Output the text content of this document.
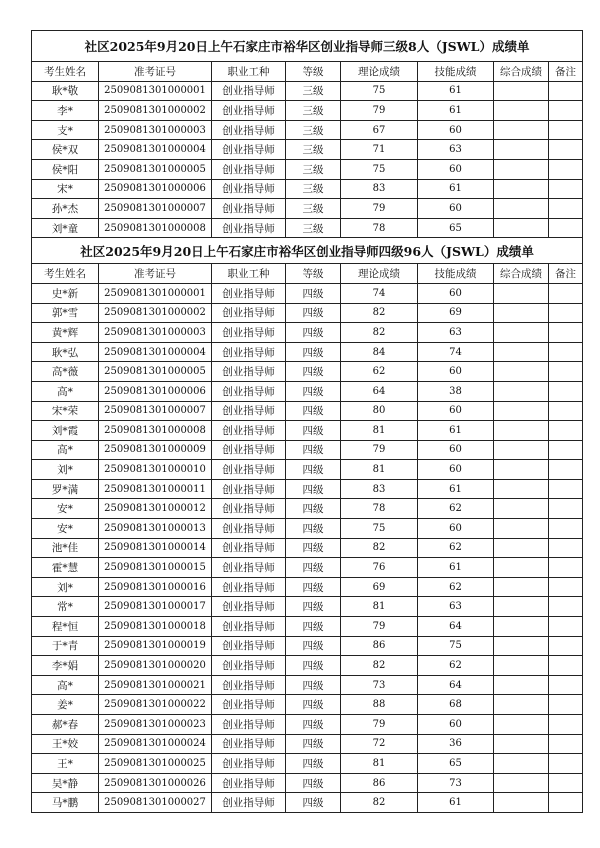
社区2025年9月20日上午石家庄市裕华区创业指导师三级8人（JSWL）成绩单							
考生姓名	准考证号	职业工种	等级	理论成绩	技能成绩	综合成绩	备注
耿*敬	2509081301000001	创业指导师	三级	75	61		
李*	2509081301000002	创业指导师	三级	79	61		
支*	2509081301000003	创业指导师	三级	67	60		
侯*双	2509081301000004	创业指导师	三级	71	63		
侯*阳	2509081301000005	创业指导师	三级	75	60		
宋*	2509081301000006	创业指导师	三级	83	61		
孙*杰	2509081301000007	创业指导师	三级	79	60		
刘*童	2509081301000008	创业指导师	三级	78	65		
社区2025年9月20日上午石家庄市裕华区创业指导师四级96人（JSWL）成绩单							
考生姓名	准考证号	职业工种	等级	理论成绩	技能成绩	综合成绩	备注
史*新	2509081301000001	创业指导师	四级	74	60		
郭*雪	2509081301000002	创业指导师	四级	82	69		
黄*辉	2509081301000003	创业指导师	四级	82	63		
耿*弘	2509081301000004	创业指导师	四级	84	74		
高*薇	2509081301000005	创业指导师	四级	62	60		
高*	2509081301000006	创业指导师	四级	64	38		
宋*荣	2509081301000007	创业指导师	四级	80	60		
刘*霞	2509081301000008	创业指导师	四级	81	61		
高*	2509081301000009	创业指导师	四级	79	60		
刘*	2509081301000010	创业指导师	四级	81	60		
罗*满	2509081301000011	创业指导师	四级	83	61		
安*	2509081301000012	创业指导师	四级	78	62		
安*	2509081301000013	创业指导师	四级	75	60		
池*佳	2509081301000014	创业指导师	四级	82	62		
霍*慧	2509081301000015	创业指导师	四级	76	61		
刘*	2509081301000016	创业指导师	四级	69	62		
常*	2509081301000017	创业指导师	四级	81	63		
程*恒	2509081301000018	创业指导师	四级	79	64		
于*青	2509081301000019	创业指导师	四级	86	75		
李*娟	2509081301000020	创业指导师	四级	82	62		
高*	2509081301000021	创业指导师	四级	73	64		
姜*	2509081301000022	创业指导师	四级	88	68		
郝*春	2509081301000023	创业指导师	四级	79	60		
王*姣	2509081301000024	创业指导师	四级	72	36		
王*	2509081301000025	创业指导师	四级	81	65		
吴*静	2509081301000026	创业指导师	四级	86	73		
马*鹏	2509081301000027	创业指导师	四级	82	61		
